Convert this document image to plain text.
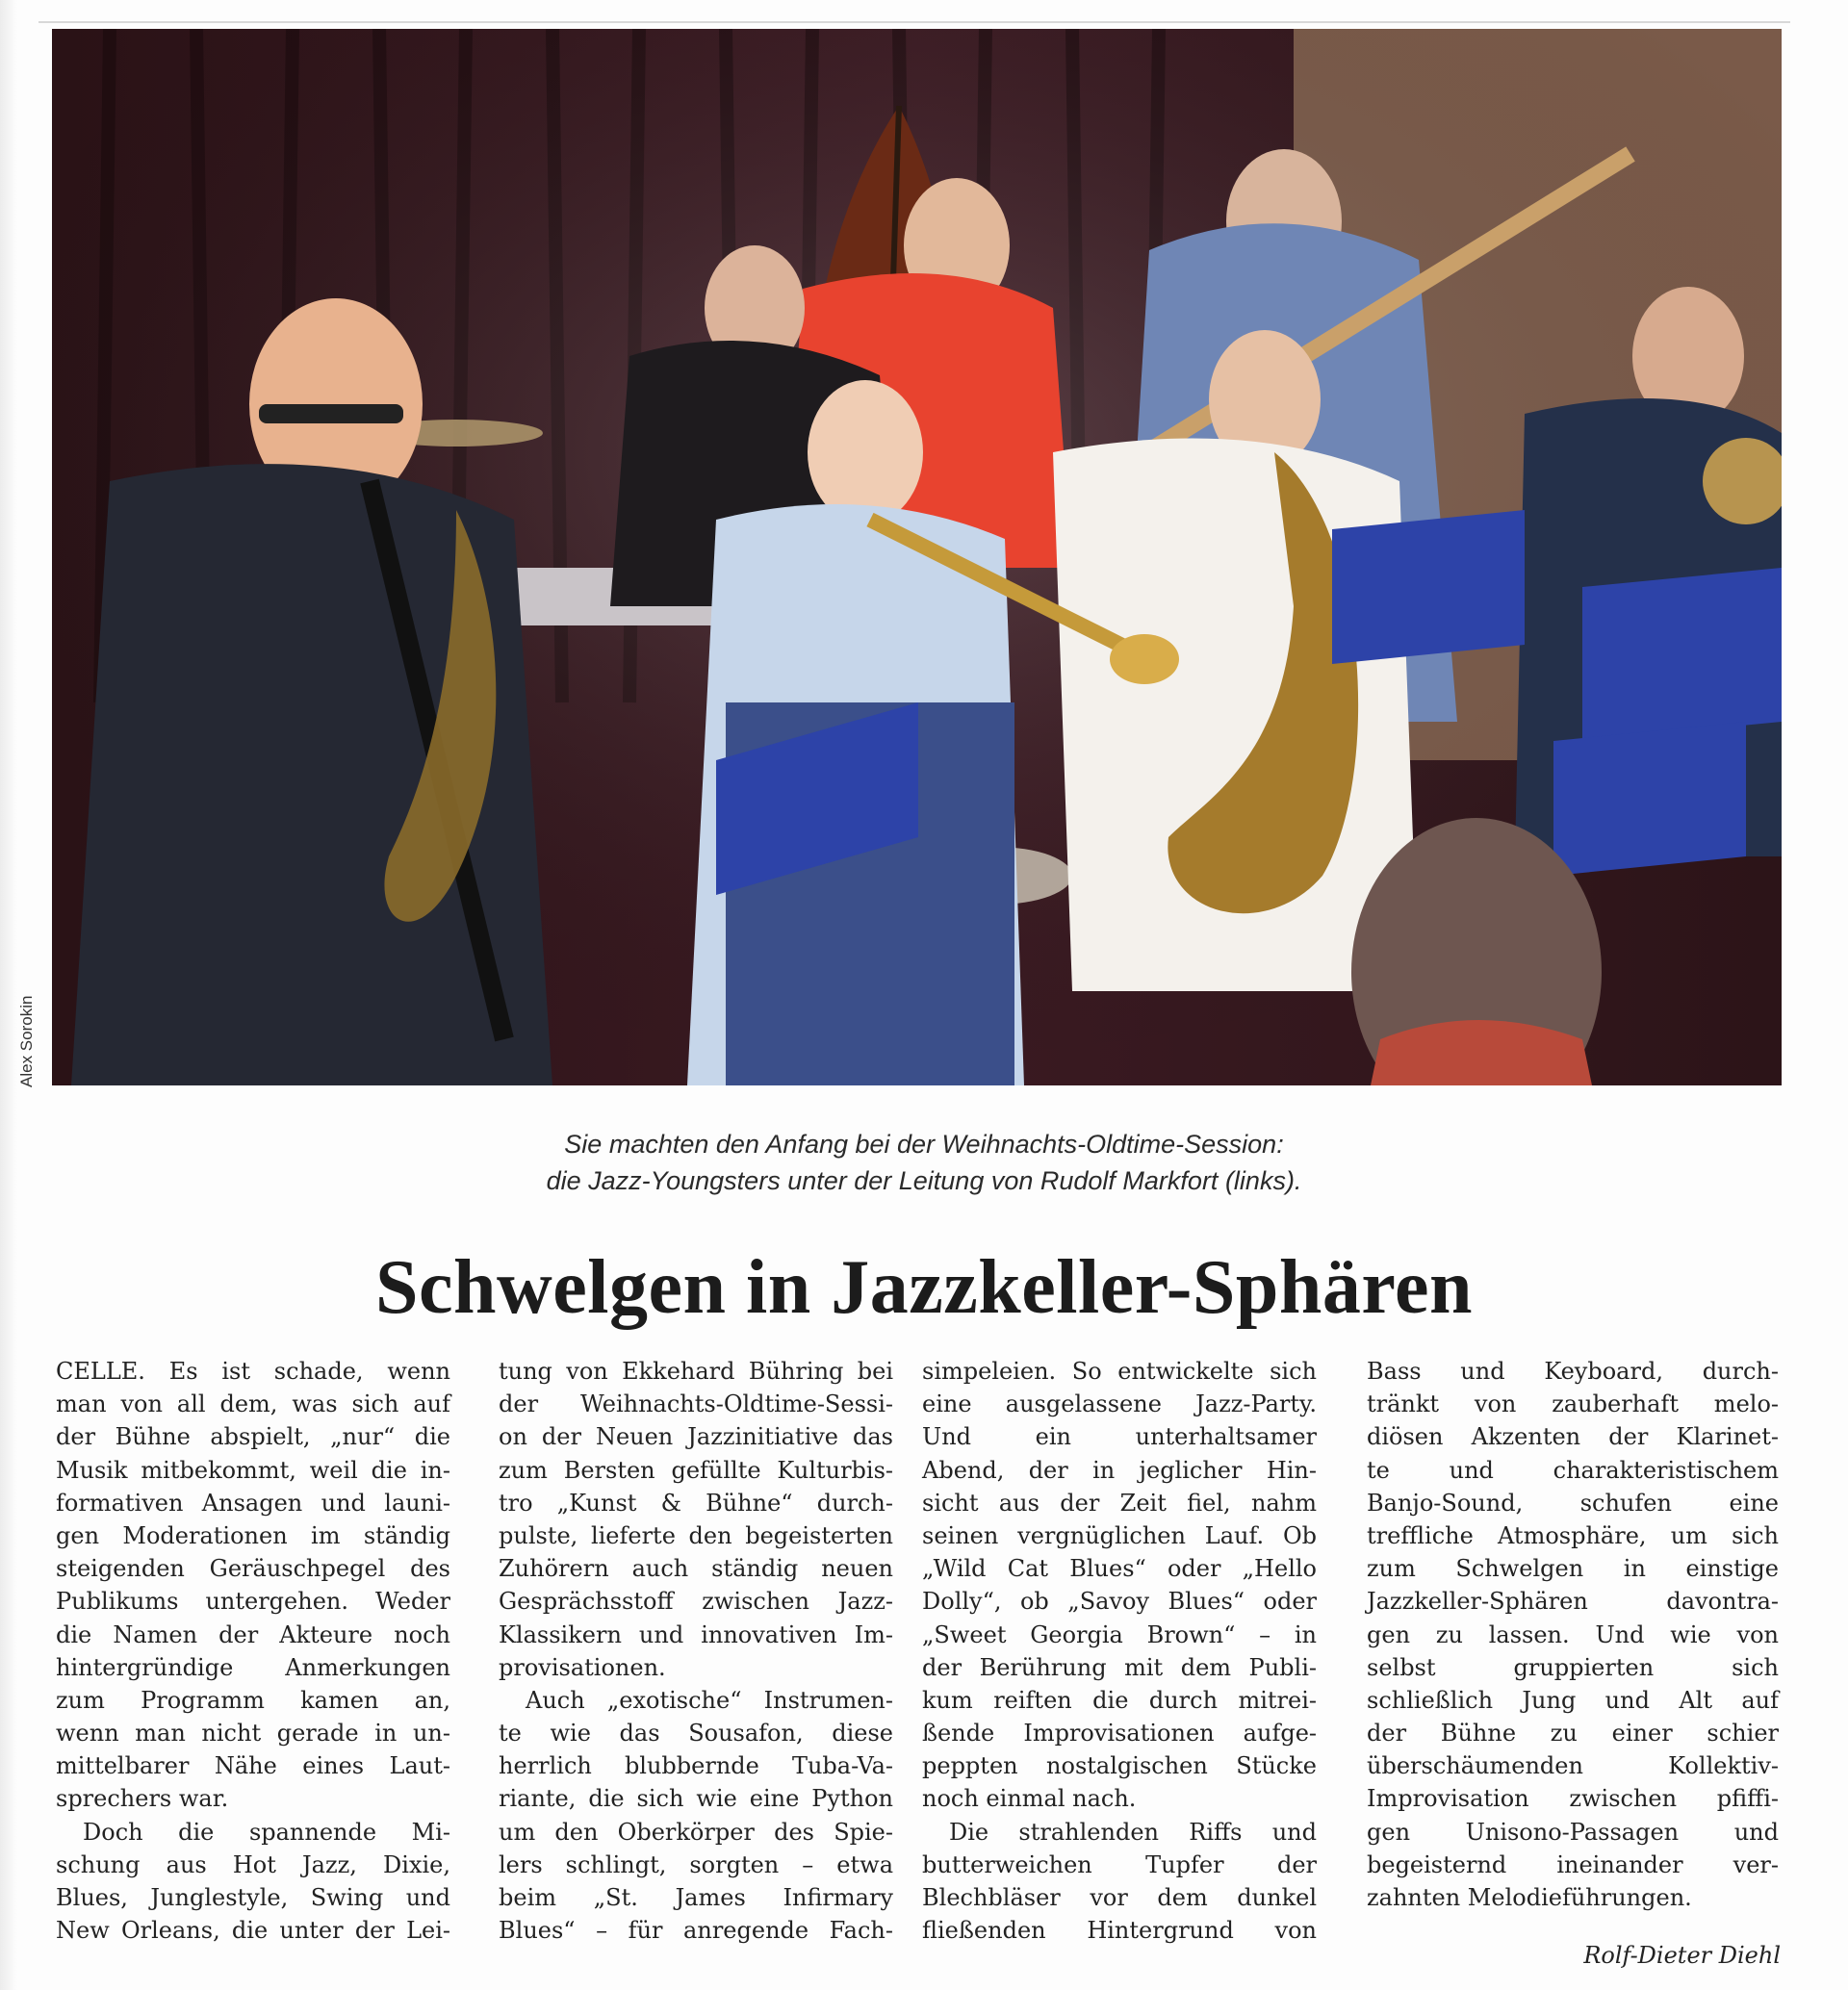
Alex Sorokin
Sie machten den Anfang bei der Weihnachts-Oldtime-Session:
die Jazz-Youngsters unter der Leitung von Rudolf Markfort (links).
Schwelgen in Jazzkeller-Sphären
CELLE. Es ist schade, wenn
man von all dem, was sich auf
der Bühne abspielt, „nur“ die
Musik mitbekommt, weil die in-
formativen Ansagen und launi-
gen Moderationen im ständig
steigenden Geräuschpegel des
Publikums untergehen. Weder
die Namen der Akteure noch
hintergründige Anmerkungen
zum Programm kamen an,
wenn man nicht gerade in un-
mittelbarer Nähe eines Laut-
sprechers war.
Doch die spannende Mi-
schung aus Hot Jazz, Dixie,
Blues, Junglestyle, Swing und
New Orleans, die unter der Lei-
tung von Ekkehard Bühring bei
der Weihnachts-Oldtime-Sessi-
on der Neuen Jazzinitiative das
zum Bersten gefüllte Kulturbis-
tro „Kunst & Bühne“ durch-
pulste, lieferte den begeisterten
Zuhörern auch ständig neuen
Gesprächsstoff zwischen Jazz-
Klassikern und innovativen Im-
provisationen.
Auch „exotische“ Instrumen-
te wie das Sousafon, diese
herrlich blubbernde Tuba-Va-
riante, die sich wie eine Python
um den Oberkörper des Spie-
lers schlingt, sorgten – etwa
beim „St. James Infirmary
Blues“ – für anregende Fach-
simpeleien. So entwickelte sich
eine ausgelassene Jazz-Party.
Und ein unterhaltsamer
Abend, der in jeglicher Hin-
sicht aus der Zeit fiel, nahm
seinen vergnüglichen Lauf. Ob
„Wild Cat Blues“ oder „Hello
Dolly“, ob „Savoy Blues“ oder
„Sweet Georgia Brown“ – in
der Berührung mit dem Publi-
kum reiften die durch mitrei-
ßende Improvisationen aufge-
peppten nostalgischen Stücke
noch einmal nach.
Die strahlenden Riffs und
butterweichen Tupfer der
Blechbläser vor dem dunkel
fließenden Hintergrund von
Bass und Keyboard, durch-
tränkt von zauberhaft melo-
diösen Akzenten der Klarinet-
te und charakteristischem
Banjo-Sound, schufen eine
treffliche Atmosphäre, um sich
zum Schwelgen in einstige
Jazzkeller-Sphären davontra-
gen zu lassen. Und wie von
selbst gruppierten sich
schließlich Jung und Alt auf
der Bühne zu einer schier
überschäumenden Kollektiv-
Improvisation zwischen pfiffi-
gen Unisono-Passagen und
begeisternd ineinander ver-
zahnten Melodieführungen.
Rolf-Dieter Diehl
